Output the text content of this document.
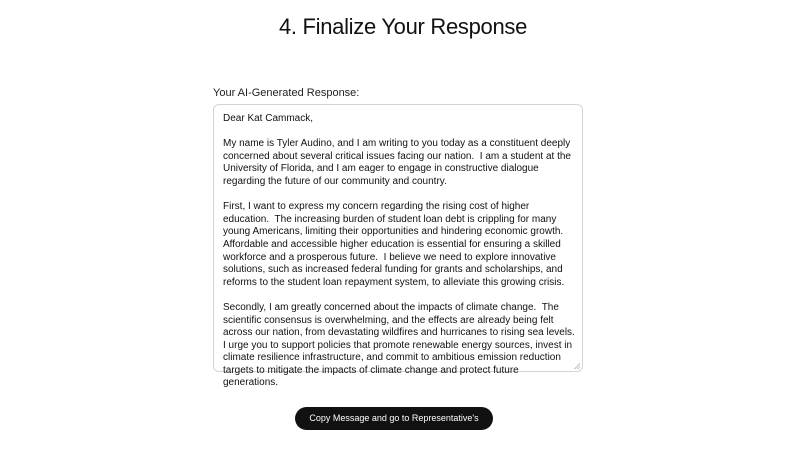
4. Finalize Your Response
Your AI-Generated Response:
Dear Kat Cammack,

My name is Tyler Audino, and I am writing to you today as a constituent deeply concerned about several critical issues facing our nation.  I am a student at the University of Florida, and I am eager to engage in constructive dialogue regarding the future of our community and country.

First, I want to express my concern regarding the rising cost of higher education.  The increasing burden of student loan debt is crippling for many young Americans, limiting their opportunities and hindering economic growth.  Affordable and accessible higher education is essential for ensuring a skilled workforce and a prosperous future.  I believe we need to explore innovative solutions, such as increased federal funding for grants and scholarships, and reforms to the student loan repayment system, to alleviate this growing crisis.

Secondly, I am greatly concerned about the impacts of climate change.  The scientific consensus is overwhelming, and the effects are already being felt across our nation, from devastating wildfires and hurricanes to rising sea levels.  I urge you to support policies that promote renewable energy sources, invest in climate resilience infrastructure, and commit to ambitious emission reduction targets to mitigate the impacts of climate change and protect future generations.
Copy Message and go to Representative's Website
